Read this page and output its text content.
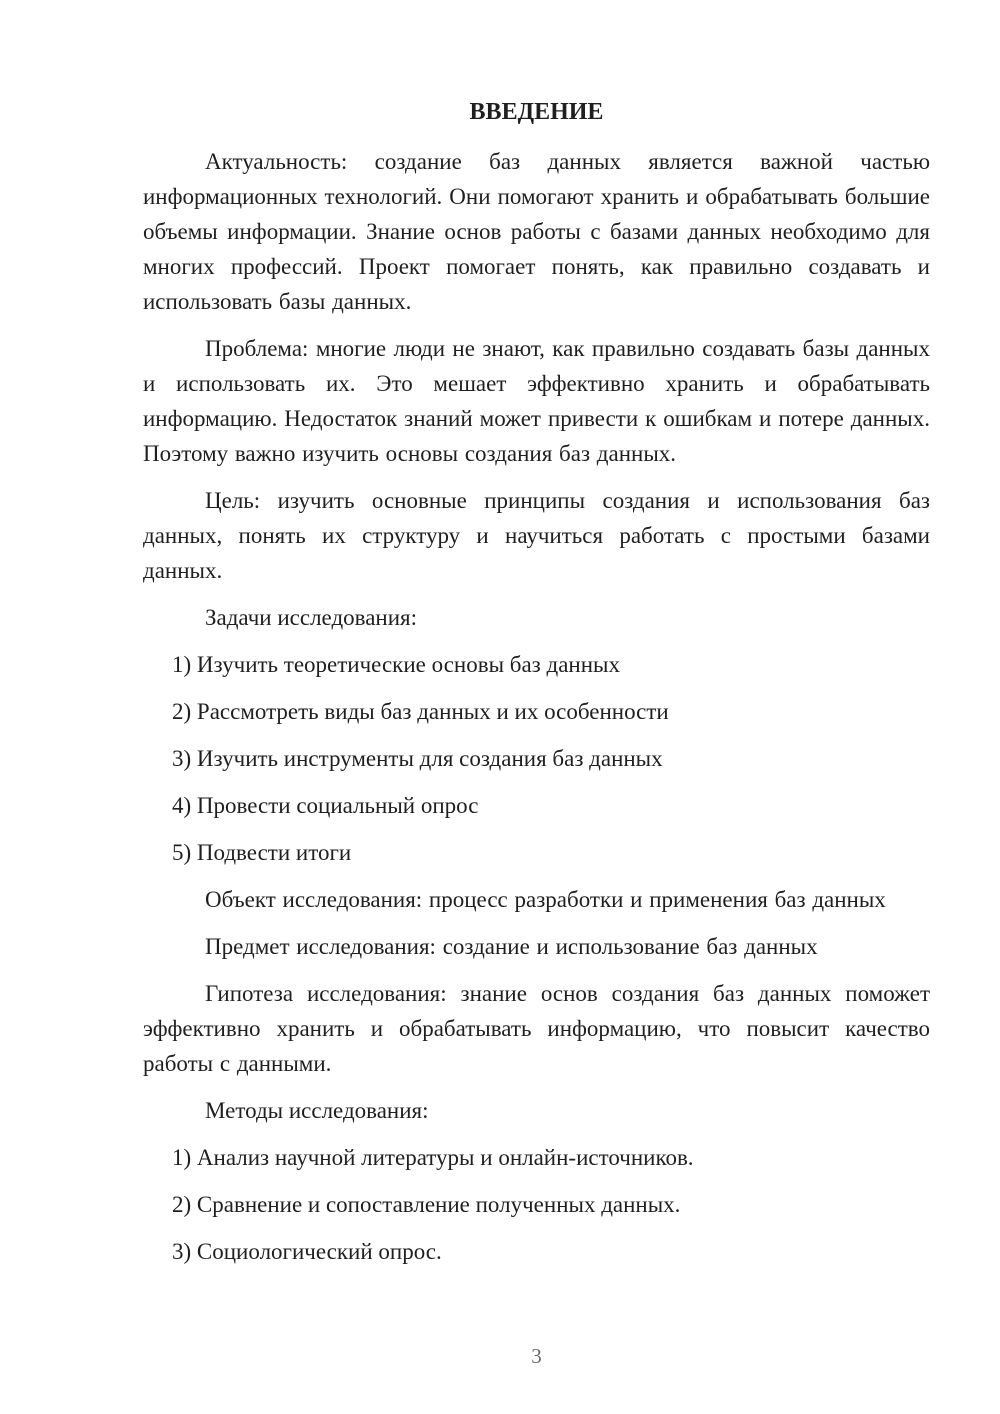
ВВЕДЕНИЕ

Актуальность: создание баз данных является важной частью информационных технологий. Они помогают хранить и обрабатывать большие объемы информации. Знание основ работы с базами данных необходимо для многих профессий. Проект помогает понять, как правильно создавать и использовать базы данных.

Проблема: многие люди не знают, как правильно создавать базы данных и использовать их. Это мешает эффективно хранить и обрабатывать информацию. Недостаток знаний может привести к ошибкам и потере данных. Поэтому важно изучить основы создания баз данных.

Цель: изучить основные принципы создания и использования баз данных, понять их структуру и научиться работать с простыми базами данных.

Задачи исследования:

1) Изучить теоретические основы баз данных

2) Рассмотреть виды баз данных и их особенности

3) Изучить инструменты для создания баз данных

4) Провести социальный опрос

5) Подвести итоги

Объект исследования: процесс разработки и применения баз данных

Предмет исследования: создание и использование баз данных

Гипотеза исследования: знание основ создания баз данных поможет эффективно хранить и обрабатывать информацию, что повысит качество работы с данными.

Методы исследования:

1) Анализ научной литературы и онлайн-источников.

2) Сравнение и сопоставление полученных данных.

3) Социологический опрос.

3
